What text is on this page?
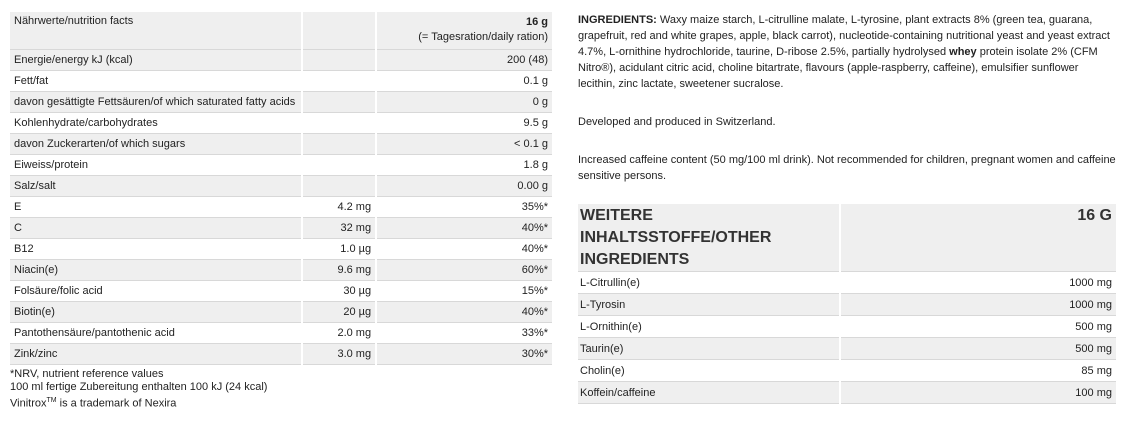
Nährwerte/nutrition facts		16 g
(= Tagesration/daily ration)

Energie/energy kJ (kcal)		200 (48)
Fett/fat		0.1 g
davon gesättigte Fettsäuren/of which saturated fatty acids		0 g
Kohlenhydrate/carbohydrates		9.5 g
davon Zuckerarten/of which sugars		< 0.1 g
Eiweiss/protein		1.8 g
Salz/salt		0.00 g
E	4.2 mg	35%*
C	32 mg	40%*
B12	1.0 µg	40%*
Niacin(e)	9.6 mg	60%*
Folsäure/folic acid	30 µg	15%*
Biotin(e)	20 µg	40%*
Pantothensäure/pantothenic acid	2.0 mg	33%*
Zink/zinc	3.0 mg	30%*
*NRV, nutrient reference values
100 ml fertige Zubereitung enthalten 100 kJ (24 kcal)
Vinitrox™ is a trademark of Nexira

INGREDIENTS: Waxy maize starch, L-citrulline malate, L-tyrosine, plant extracts 8% (green tea, guarana, grapefruit, red and white grapes, apple, black carrot), nucleotide-containing nutritional yeast and yeast extract 4.7%, L-ornithine hydrochloride, taurine, D-ribose 2.5%, partially hydrolysed whey protein isolate 2% (CFM Nitro®), acidulant citric acid, choline bitartrate, flavours (apple-raspberry, caffeine), emulsifier sunflower lecithin, zinc lactate, sweetener sucralose.

Developed and produced in Switzerland.

Increased caffeine content (50 mg/100 ml drink). Not recommended for children, pregnant women and caffeine sensitive persons.

WEITERE INHALTSSTOFFE/OTHER INGREDIENTS	16 G
L-Citrullin(e)	1000 mg
L-Tyrosin	1000 mg
L-Ornithin(e)	500 mg
Taurin(e)	500 mg
Cholin(e)	85 mg
Koffein/caffeine	100 mg
